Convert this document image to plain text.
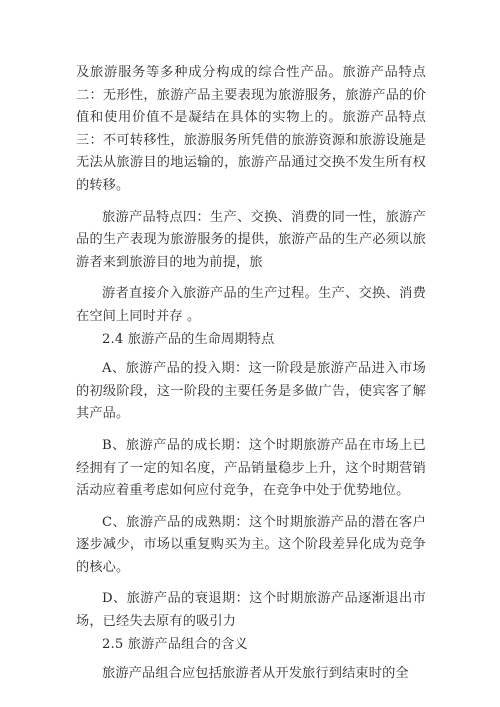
及旅游服务等多种成分构成的综合性产品。旅游产品特点二：无形性，旅游产品主要表现为旅游服务，旅游产品的价值和使用价值不是凝结在具体的实物上的。旅游产品特点三：不可转移性，旅游服务所凭借的旅游资源和旅游设施是无法从旅游目的地运输的，旅游产品通过交换不发生所有权的转移。

旅游产品特点四：生产、交换、消费的同一性，旅游产品的生产表现为旅游服务的提供，旅游产品的生产必须以旅游者来到旅游目的地为前提，旅

游者直接介入旅游产品的生产过程。生产、交换、消费在空间上同时并存 。

2.4 旅游产品的生命周期特点

A、旅游产品的投入期：这一阶段是旅游产品进入市场的初级阶段，这一阶段的主要任务是多做广告，使宾客了解其产品。

B、旅游产品的成长期：这个时期旅游产品在市场上已经拥有了一定的知名度，产品销量稳步上升，这个时期营销活动应着重考虑如何应付竞争，在竞争中处于优势地位。

C、旅游产品的成熟期：这个时期旅游产品的潜在客户逐步减少，市场以重复购买为主。这个阶段差异化成为竞争的核心。

D、旅游产品的衰退期：这个时期旅游产品逐渐退出市场，已经失去原有的吸引力

2.5 旅游产品组合的含义

旅游产品组合应包括旅游者从开发旅行到结束时的全
